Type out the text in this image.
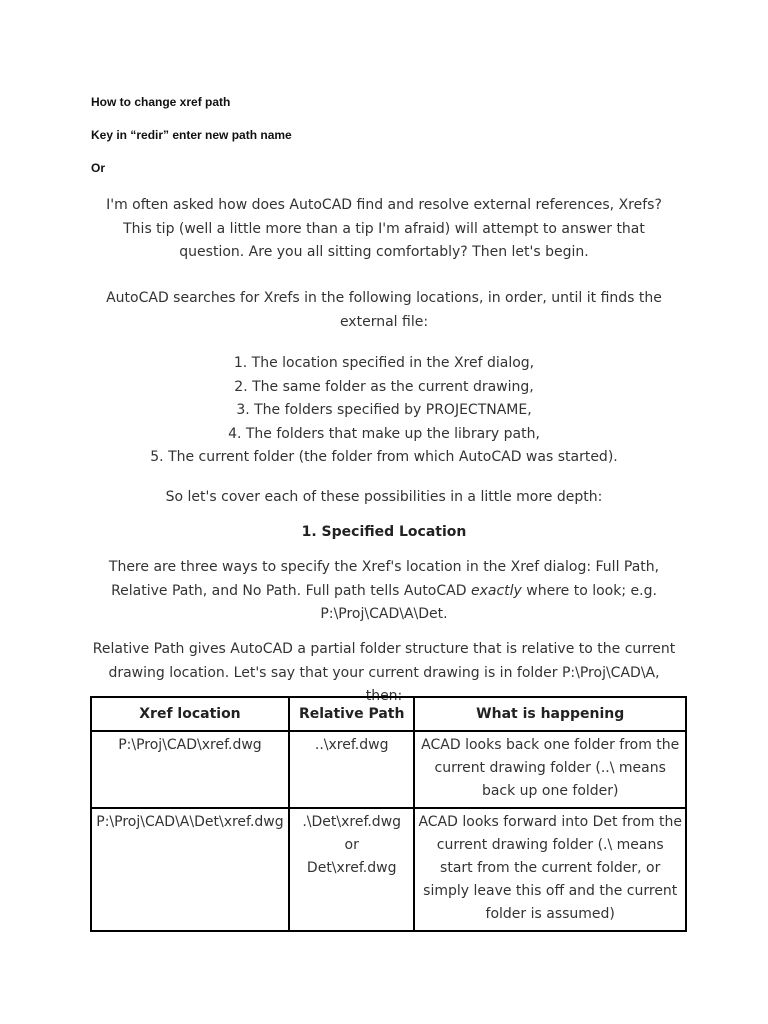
How to change xref path

Key in “redir” enter new path name

Or

I'm often asked how does AutoCAD find and resolve external references, Xrefs? This tip (well a little more than a tip I'm afraid) will attempt to answer that question. Are you all sitting comfortably? Then let's begin.

AutoCAD searches for Xrefs in the following locations, in order, until it finds the external file:

1. The location specified in the Xref dialog,
2. The same folder as the current drawing,
3. The folders specified by PROJECTNAME,
4. The folders that make up the library path,
5. The current folder (the folder from which AutoCAD was started).

So let's cover each of these possibilities in a little more depth:

1. Specified Location

There are three ways to specify the Xref's location in the Xref dialog: Full Path, Relative Path, and No Path. Full path tells AutoCAD exactly where to look; e.g. P:\Proj\CAD\A\Det.

Relative Path gives AutoCAD a partial folder structure that is relative to the current drawing location. Let's say that your current drawing is in folder P:\Proj\CAD\A, then:

Xref location	Relative Path	What is happening
P:\Proj\CAD\xref.dwg	..\xref.dwg	ACAD looks back one folder from the current drawing folder (..\ means back up one folder)
P:\Proj\CAD\A\Det\xref.dwg	.\Det\xref.dwg
or
Det\xref.dwg	ACAD looks forward into Det from the current drawing folder (.\ means start from the current folder, or simply leave this off and the current folder is assumed)
